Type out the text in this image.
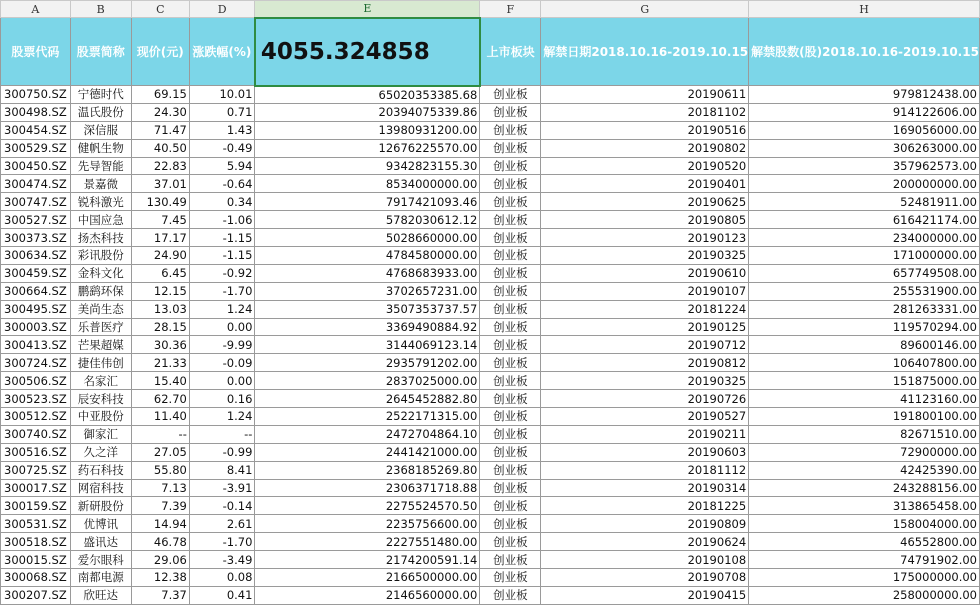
A	B	C	D	E	F	G	H
股票代码	股票简称	现价(元)	涨跌幅(%)	4055.324858	上市板块	解禁日期2018.10.16-2019.10.15	解禁股数(股)2018.10.16-2019.10.15
300750.SZ	宁德时代	69.15	10.01	65020353385.68	创业板	20190611	979812438.00
300498.SZ	温氏股份	24.30	0.71	20394075339.86	创业板	20181102	914122606.00
300454.SZ	深信服	71.47	1.43	13980931200.00	创业板	20190516	169056000.00
300529.SZ	健帆生物	40.50	-0.49	12676225570.00	创业板	20190802	306263000.00
300450.SZ	先导智能	22.83	5.94	9342823155.30	创业板	20190520	357962573.00
300474.SZ	景嘉微	37.01	-0.64	8534000000.00	创业板	20190401	200000000.00
300747.SZ	锐科激光	130.49	0.34	7917421093.46	创业板	20190625	52481911.00
300527.SZ	中国应急	7.45	-1.06	5782030612.12	创业板	20190805	616421174.00
300373.SZ	扬杰科技	17.17	-1.15	5028660000.00	创业板	20190123	234000000.00
300634.SZ	彩讯股份	24.90	-1.15	4784580000.00	创业板	20190325	171000000.00
300459.SZ	金科文化	6.45	-0.92	4768683933.00	创业板	20190610	657749508.00
300664.SZ	鹏鹞环保	12.15	-1.70	3702657231.00	创业板	20190107	255531900.00
300495.SZ	美尚生态	13.03	1.24	3507353737.57	创业板	20181224	281263331.00
300003.SZ	乐普医疗	28.15	0.00	3369490884.92	创业板	20190125	119570294.00
300413.SZ	芒果超媒	30.36	-9.99	3144069123.14	创业板	20190712	89600146.00
300724.SZ	捷佳伟创	21.33	-0.09	2935791202.00	创业板	20190812	106407800.00
300506.SZ	名家汇	15.40	0.00	2837025000.00	创业板	20190325	151875000.00
300523.SZ	辰安科技	62.70	0.16	2645452882.80	创业板	20190726	41123160.00
300512.SZ	中亚股份	11.40	1.24	2522171315.00	创业板	20190527	191800100.00
300740.SZ	御家汇	--	--	2472704864.10	创业板	20190211	82671510.00
300516.SZ	久之洋	27.05	-0.99	2441421000.00	创业板	20190603	72900000.00
300725.SZ	药石科技	55.80	8.41	2368185269.80	创业板	20181112	42425390.00
300017.SZ	网宿科技	7.13	-3.91	2306371718.88	创业板	20190314	243288156.00
300159.SZ	新研股份	7.39	-0.14	2275524570.50	创业板	20181225	313865458.00
300531.SZ	优博讯	14.94	2.61	2235756600.00	创业板	20190809	158004000.00
300518.SZ	盛讯达	46.78	-1.70	2227551480.00	创业板	20190624	46552800.00
300015.SZ	爱尔眼科	29.06	-3.49	2174200591.14	创业板	20190108	74791902.00
300068.SZ	南都电源	12.38	0.08	2166500000.00	创业板	20190708	175000000.00
300207.SZ	欣旺达	7.37	0.41	2146560000.00	创业板	20190415	258000000.00
